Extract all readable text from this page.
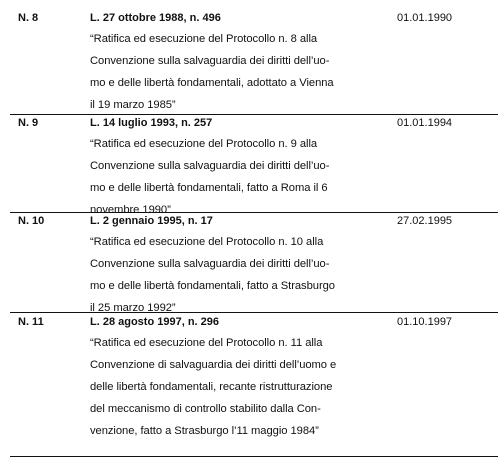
N. 8	L. 27 ottobre 1988, n. 496
“Ratifica ed esecuzione del Protocollo n. 8 alla
Convenzione sulla salvaguardia dei diritti dell’uo-
mo e delle libertà fondamentali, adottato a Vienna
il 19 marzo 1985”
01.01.1990
N. 9	L. 14 luglio 1993, n. 257
“Ratifica ed esecuzione del Protocollo n. 9 alla
Convenzione sulla salvaguardia dei diritti dell’uo-
mo e delle libertà fondamentali, fatto a Roma il 6
novembre 1990”
01.01.1994
N. 10	L. 2 gennaio 1995, n. 17
“Ratifica ed esecuzione del Protocollo n. 10 alla
Convenzione sulla salvaguardia dei diritti dell’uo-
mo e delle libertà fondamentali, fatto a Strasburgo
il 25 marzo 1992”
27.02.1995
N. 11	L. 28 agosto 1997, n. 296
“Ratifica ed esecuzione del Protocollo n. 11 alla
Convenzione di salvaguardia dei diritti dell’uomo e
delle libertà fondamentali, recante ristrutturazione
del meccanismo di controllo stabilito dalla Con-
venzione, fatto a Strasburgo l’11 maggio 1984”
01.10.1997
